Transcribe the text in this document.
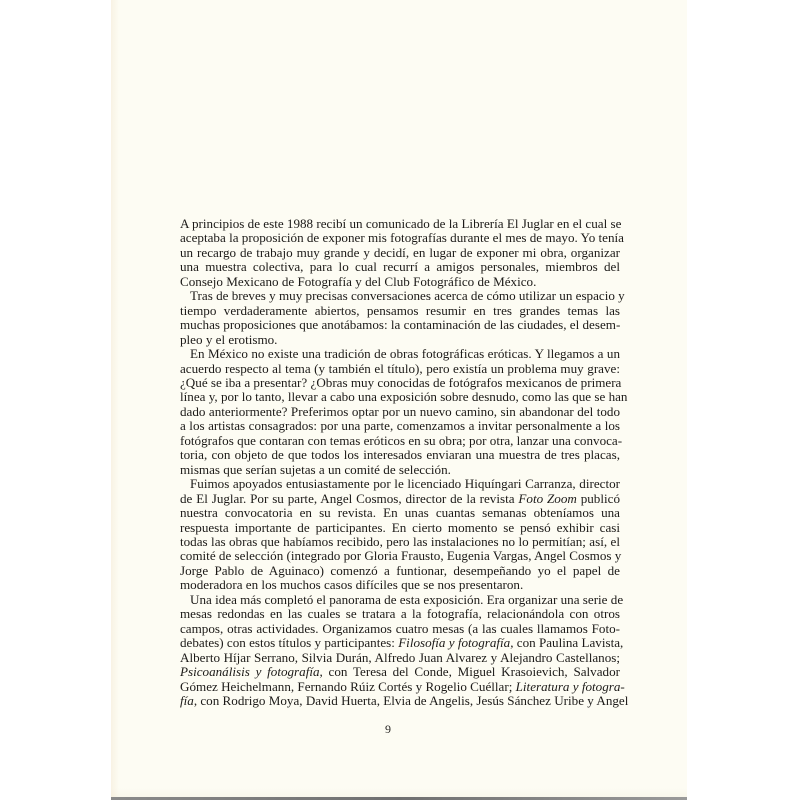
A principios de este 1988 recibí un comunicado de la Librería El Juglar en el cual se
aceptaba la proposición de exponer mis fotografías durante el mes de mayo. Yo tenía
un recargo de trabajo muy grande y decidí, en lugar de exponer mi obra, organizar
una muestra colectiva, para lo cual recurrí a amigos personales, miembros del
Consejo Mexicano de Fotografía y del Club Fotográfico de México.
Tras de breves y muy precisas conversaciones acerca de cómo utilizar un espacio y
tiempo verdaderamente abiertos, pensamos resumir en tres grandes temas las
muchas proposiciones que anotábamos: la contaminación de las ciudades, el desem-
pleo y el erotismo.
En México no existe una tradición de obras fotográficas eróticas. Y llegamos a un
acuerdo respecto al tema (y también el título), pero existía un problema muy grave:
¿Qué se iba a presentar? ¿Obras muy conocidas de fotógrafos mexicanos de primera
línea y, por lo tanto, llevar a cabo una exposición sobre desnudo, como las que se han
dado anteriormente? Preferimos optar por un nuevo camino, sin abandonar del todo
a los artistas consagrados: por una parte, comenzamos a invitar personalmente a los
fotógrafos que contaran con temas eróticos en su obra; por otra, lanzar una convoca-
toria, con objeto de que todos los interesados enviaran una muestra de tres placas,
mismas que serían sujetas a un comité de selección.
Fuimos apoyados entusiastamente por le licenciado Hiquíngari Carranza, director
de El Juglar. Por su parte, Angel Cosmos, director de la revista Foto Zoom publicó
nuestra convocatoria en su revista. En unas cuantas semanas obteníamos una
respuesta importante de participantes. En cierto momento se pensó exhibir casi
todas las obras que habíamos recibido, pero las instalaciones no lo permitían; así, el
comité de selección (integrado por Gloria Frausto, Eugenia Vargas, Angel Cosmos y
Jorge Pablo de Aguinaco) comenzó a funtionar, desempeñando yo el papel de
moderadora en los muchos casos difíciles que se nos presentaron.
Una idea más completó el panorama de esta exposición. Era organizar una serie de
mesas redondas en las cuales se tratara a la fotografía, relacionándola con otros
campos, otras actividades. Organizamos cuatro mesas (a las cuales llamamos Foto-
debates) con estos títulos y participantes: Filosofía y fotografía, con Paulina Lavista,
Alberto Híjar Serrano, Silvia Durán, Alfredo Juan Alvarez y Alejandro Castellanos;
Psicoanálisis y fotografía, con Teresa del Conde, Miguel Krasoievich, Salvador
Gómez Heichelmann, Fernando Rúiz Cortés y Rogelio Cuéllar; Literatura y fotogra-
fía, con Rodrigo Moya, David Huerta, Elvia de Angelis, Jesús Sánchez Uribe y Angel
9
